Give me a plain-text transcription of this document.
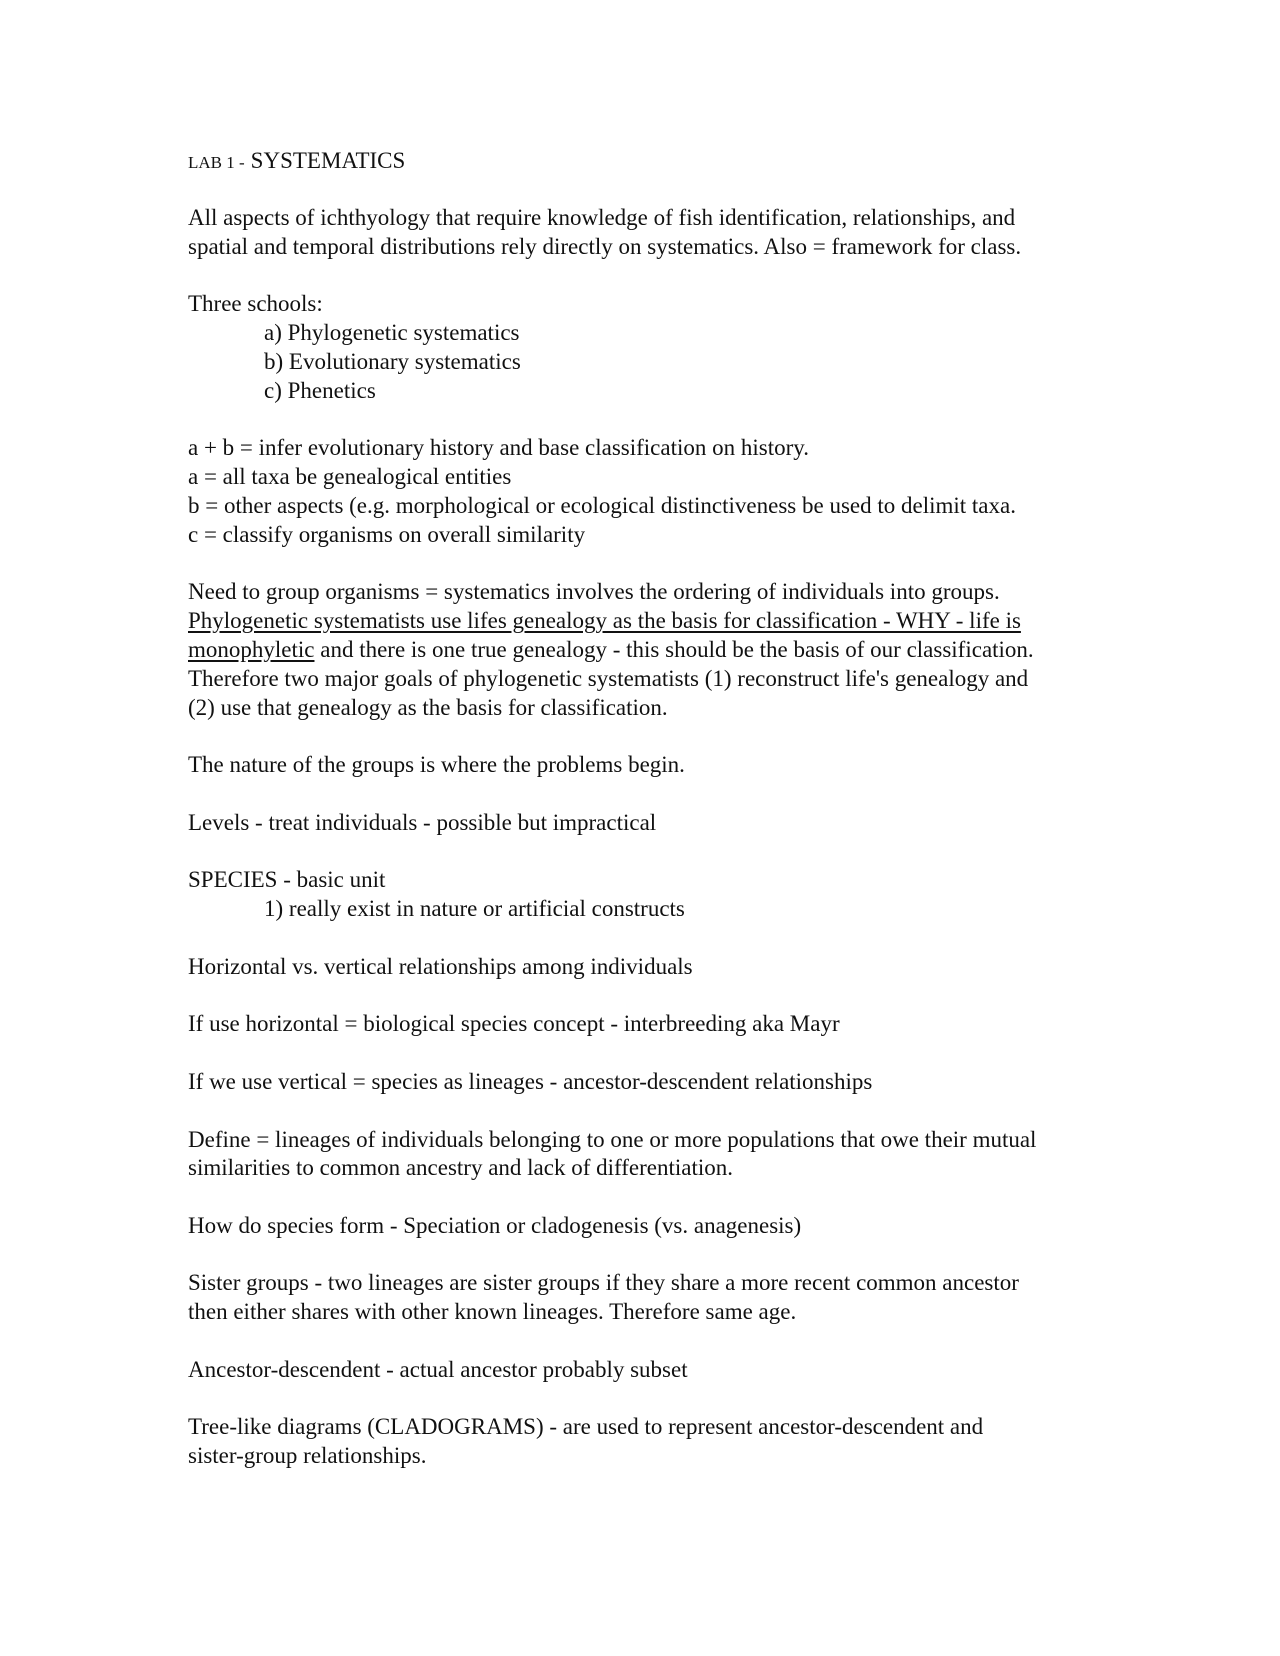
LAB 1 - SYSTEMATICS

All aspects of ichthyology that require knowledge of fish identification, relationships, and
spatial and temporal distributions rely directly on systematics. Also = framework for class.

Three schools:
a) Phylogenetic systematics
b) Evolutionary systematics
c) Phenetics

a + b = infer evolutionary history and base classification on history.
a = all taxa be genealogical entities
b = other aspects (e.g. morphological or ecological distinctiveness be used to delimit taxa.
c = classify organisms on overall similarity

Need to group organisms = systematics involves the ordering of individuals into groups.
Phylogenetic systematists use lifes genealogy as the basis for classification - WHY - life is
monophyletic and there is one true genealogy - this should be the basis of our classification.
Therefore two major goals of phylogenetic systematists (1) reconstruct life's genealogy and
(2) use that genealogy as the basis for classification.

The nature of the groups is where the problems begin.

Levels - treat individuals - possible but impractical

SPECIES - basic unit
1) really exist in nature or artificial constructs

Horizontal vs. vertical relationships among individuals

If use horizontal = biological species concept - interbreeding aka Mayr

If we use vertical = species as lineages - ancestor-descendent relationships

Define = lineages of individuals belonging to one or more populations that owe their mutual
similarities to common ancestry and lack of differentiation.

How do species form - Speciation or cladogenesis (vs. anagenesis)

Sister groups - two lineages are sister groups if they share a more recent common ancestor
then either shares with other known lineages. Therefore same age.

Ancestor-descendent - actual ancestor probably subset

Tree-like diagrams (CLADOGRAMS) - are used to represent ancestor-descendent and
sister-group relationships.
